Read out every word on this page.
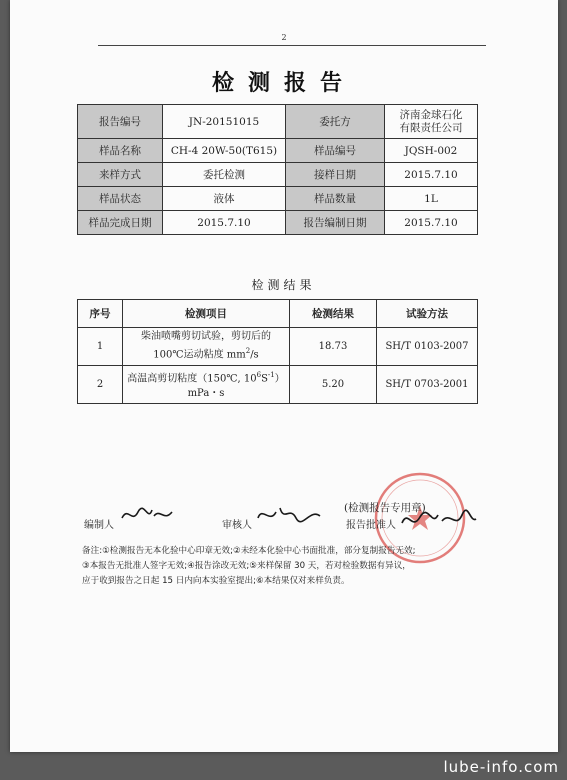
2
检测报告
报告编号	JN-20151015	委托方	济南金球石化
有限责任公司
样品名称	CH-4 20W-50(T615)	样品编号	JQSH-002
来样方式	委托检测	接样日期	2015.7.10
样品状态	液体	样品数量	1L
样品完成日期	2015.7.10	报告编制日期	2015.7.10
检测结果
序号	检测项目	检测结果	试验方法
1	柴油喷嘴剪切试验，剪切后的
100℃运动粘度 $mm^2/s$	18.73	SH/T 0103-2007
2	高温高剪切粘度（150℃, $10^6S^{-1}$）
mPa・s	5.20	SH/T 0703-2001
(检测报告专用章)
编制人	审核人	报告批准人
备注:①检测报告无本化验中心印章无效;②未经本化验中心书面批准，部分复制报告无效;
③本报告无批准人签字无效;④报告涂改无效;⑤来样保留 30 天，若对检验数据有异议，
应于收到报告之日起 15 日内向本实验室提出;⑥本结果仅对来样负责。
lube-info.com
